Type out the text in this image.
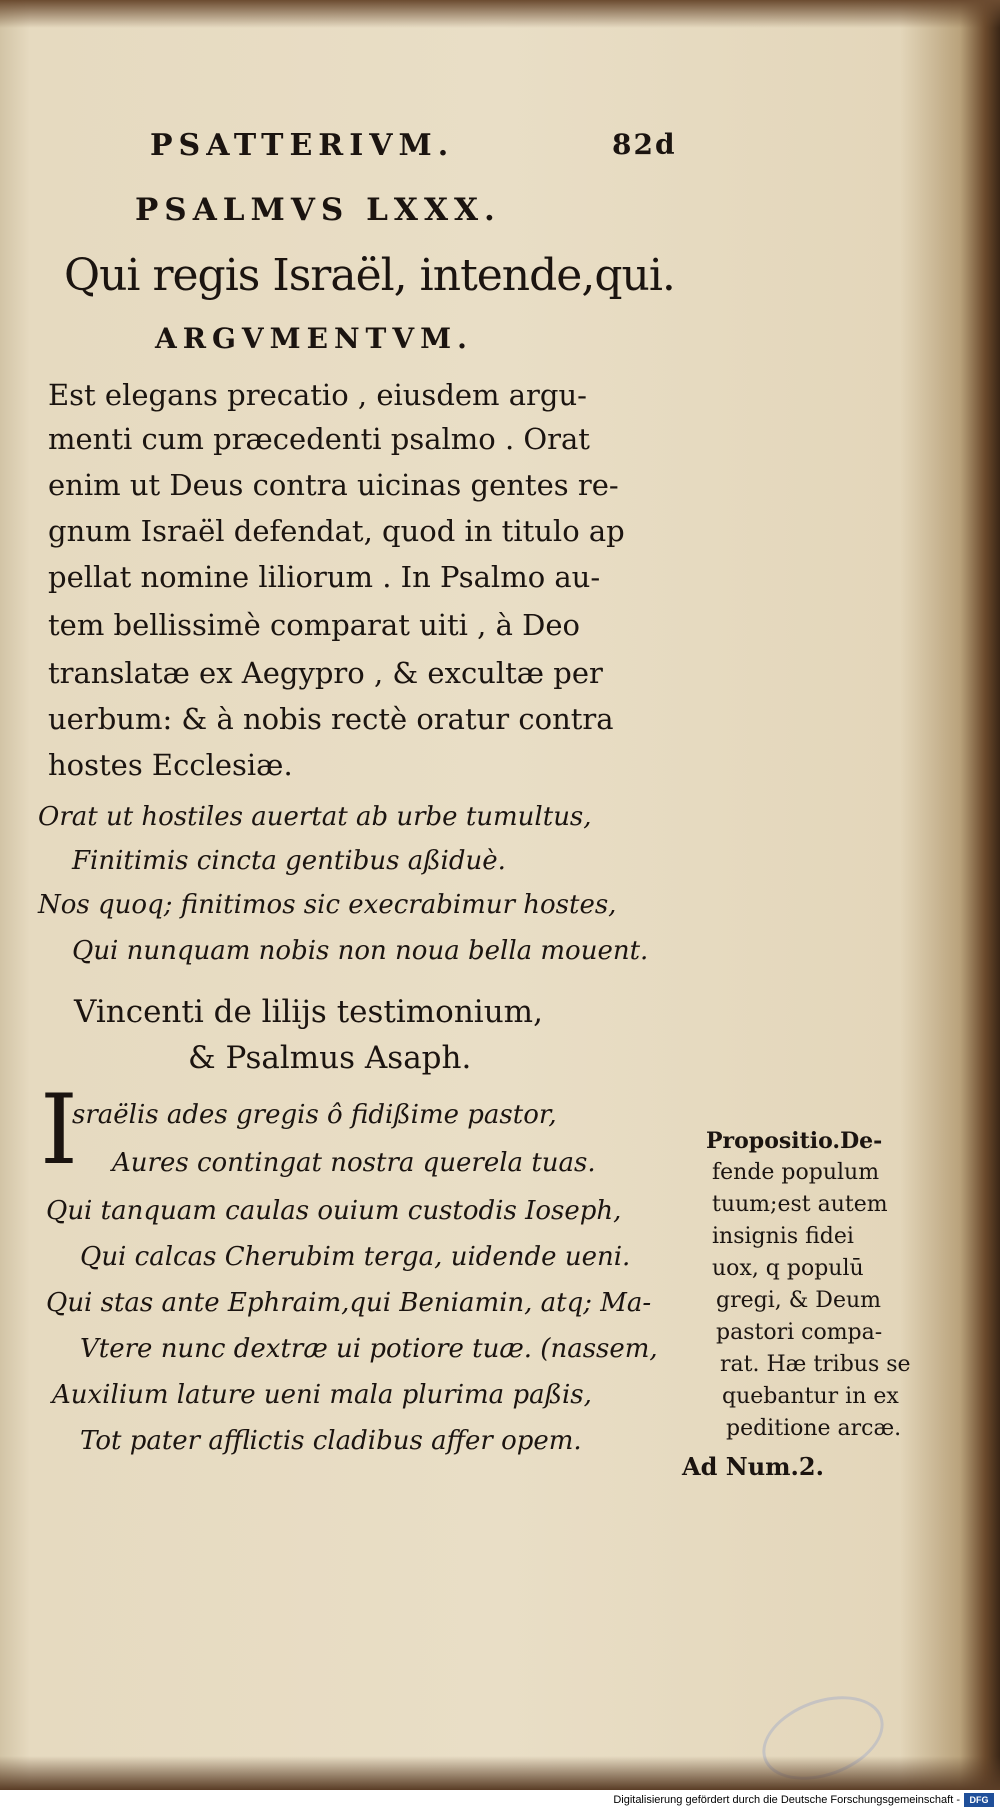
PSATTERIVM.	82d

PSALMVS LXXX.

Qui regis Israël, intende,qui.

ARGVMENTVM.

Est elegans precatio , eiusdem argu-

menti cum præcedenti psalmo . Orat

enim ut Deus contra uicinas gentes re-

gnum Israël defendat, quod in titulo ap

pellat nomine liliorum . In Psalmo au-

tem bellissimè comparat uiti , à Deo

translatæ ex Aegypro , & excultæ per

uerbum: & à nobis rectè oratur contra

hostes Ecclesiæ.

Orat ut hostiles auertat ab urbe tumultus,

Finitimis cincta gentibus aßiduè.

Nos quoq; finitimos sic execrabimur hostes,

Qui nunquam nobis non noua bella mouent.

Vincenti de lilijs testimonium,

& Psalmus Asaph.

I

sraëlis ades gregis ô fidißime pastor,

Aures contingat nostra querela tuas.

Qui tanquam caulas ouium custodis Ioseph,

Qui calcas Cherubim terga, uidende ueni.

Qui stas ante Ephraim,qui Beniamin, atq; Ma-

Vtere nunc dextræ ui potiore tuæ. (nassem,

Auxilium lature ueni mala plurima paßis,

Tot pater afflictis cladibus affer opem.

Propositio.De-

fende populum

tuum;est autem

insignis fidei

uox, q populū

gregi, & Deum

pastori compa-

rat. Hæ tribus se

quebantur in ex

peditione arcæ.

Ad Num.2.

Digitalisierung gefördert durch die Deutsche Forschungsgemeinschaft -	DFG
